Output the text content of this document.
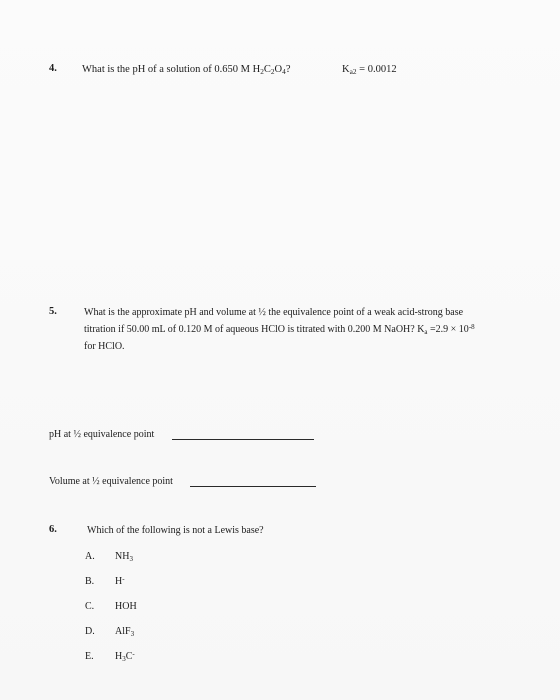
4. What is the pH of a solution of 0.650 M $H_2C_2O_4$?	$K_{a2} = 0.0012$
5.	What is the approximate pH and volume at ½ the equivalence point of a weak acid-strong base
titration if 50.00 mL of 0.120 M of aqueous HClO is titrated with 0.200 M NaOH? $K_a =2.9 \times 10^{-8}$
for HClO.
pH at ½ equivalence point
Volume at ½ equivalence point
6.	Which of the following is not a Lewis base?
A. $NH_3$
B. H-
C. HOH
D. AlF$_3$
E. $H_3C^-$
